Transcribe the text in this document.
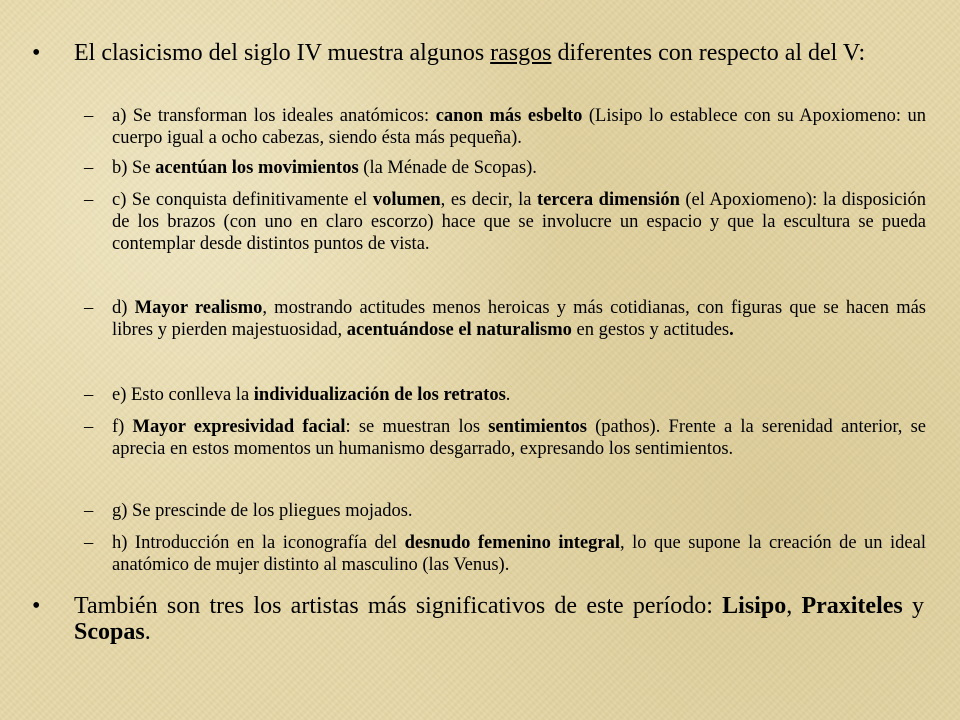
• El clasicismo del siglo IV muestra algunos rasgos diferentes con respecto al del V:
– a) Se transforman los ideales anatómicos: canon más esbelto (Lisipo lo establece con su Apoxiomeno: un cuerpo igual a ocho cabezas, siendo ésta más pequeña).
– b) Se acentúan los movimientos (la Ménade de Scopas).
– c) Se conquista definitivamente el volumen, es decir, la tercera dimensión (el Apoxiomeno): la disposición de los brazos (con uno en claro escorzo) hace que se involucre un espacio y que la escultura se pueda contemplar desde distintos puntos de vista.
– d) Mayor realismo, mostrando actitudes menos heroicas y más cotidianas, con figuras que se hacen más libres y pierden majestuosidad, acentuándose el naturalismo en gestos y actitudes.
– e) Esto conlleva la individualización de los retratos.
– f) Mayor expresividad facial: se muestran los sentimientos (pathos). Frente a la serenidad anterior, se aprecia en estos momentos un humanismo desgarrado, expresando los sentimientos.
– g) Se prescinde de los pliegues mojados.
– h) Introducción en la iconografía del desnudo femenino integral, lo que supone la creación de un ideal anatómico de mujer distinto al masculino (las Venus).
• También son tres los artistas más significativos de este período: Lisipo, Praxiteles y Scopas.
